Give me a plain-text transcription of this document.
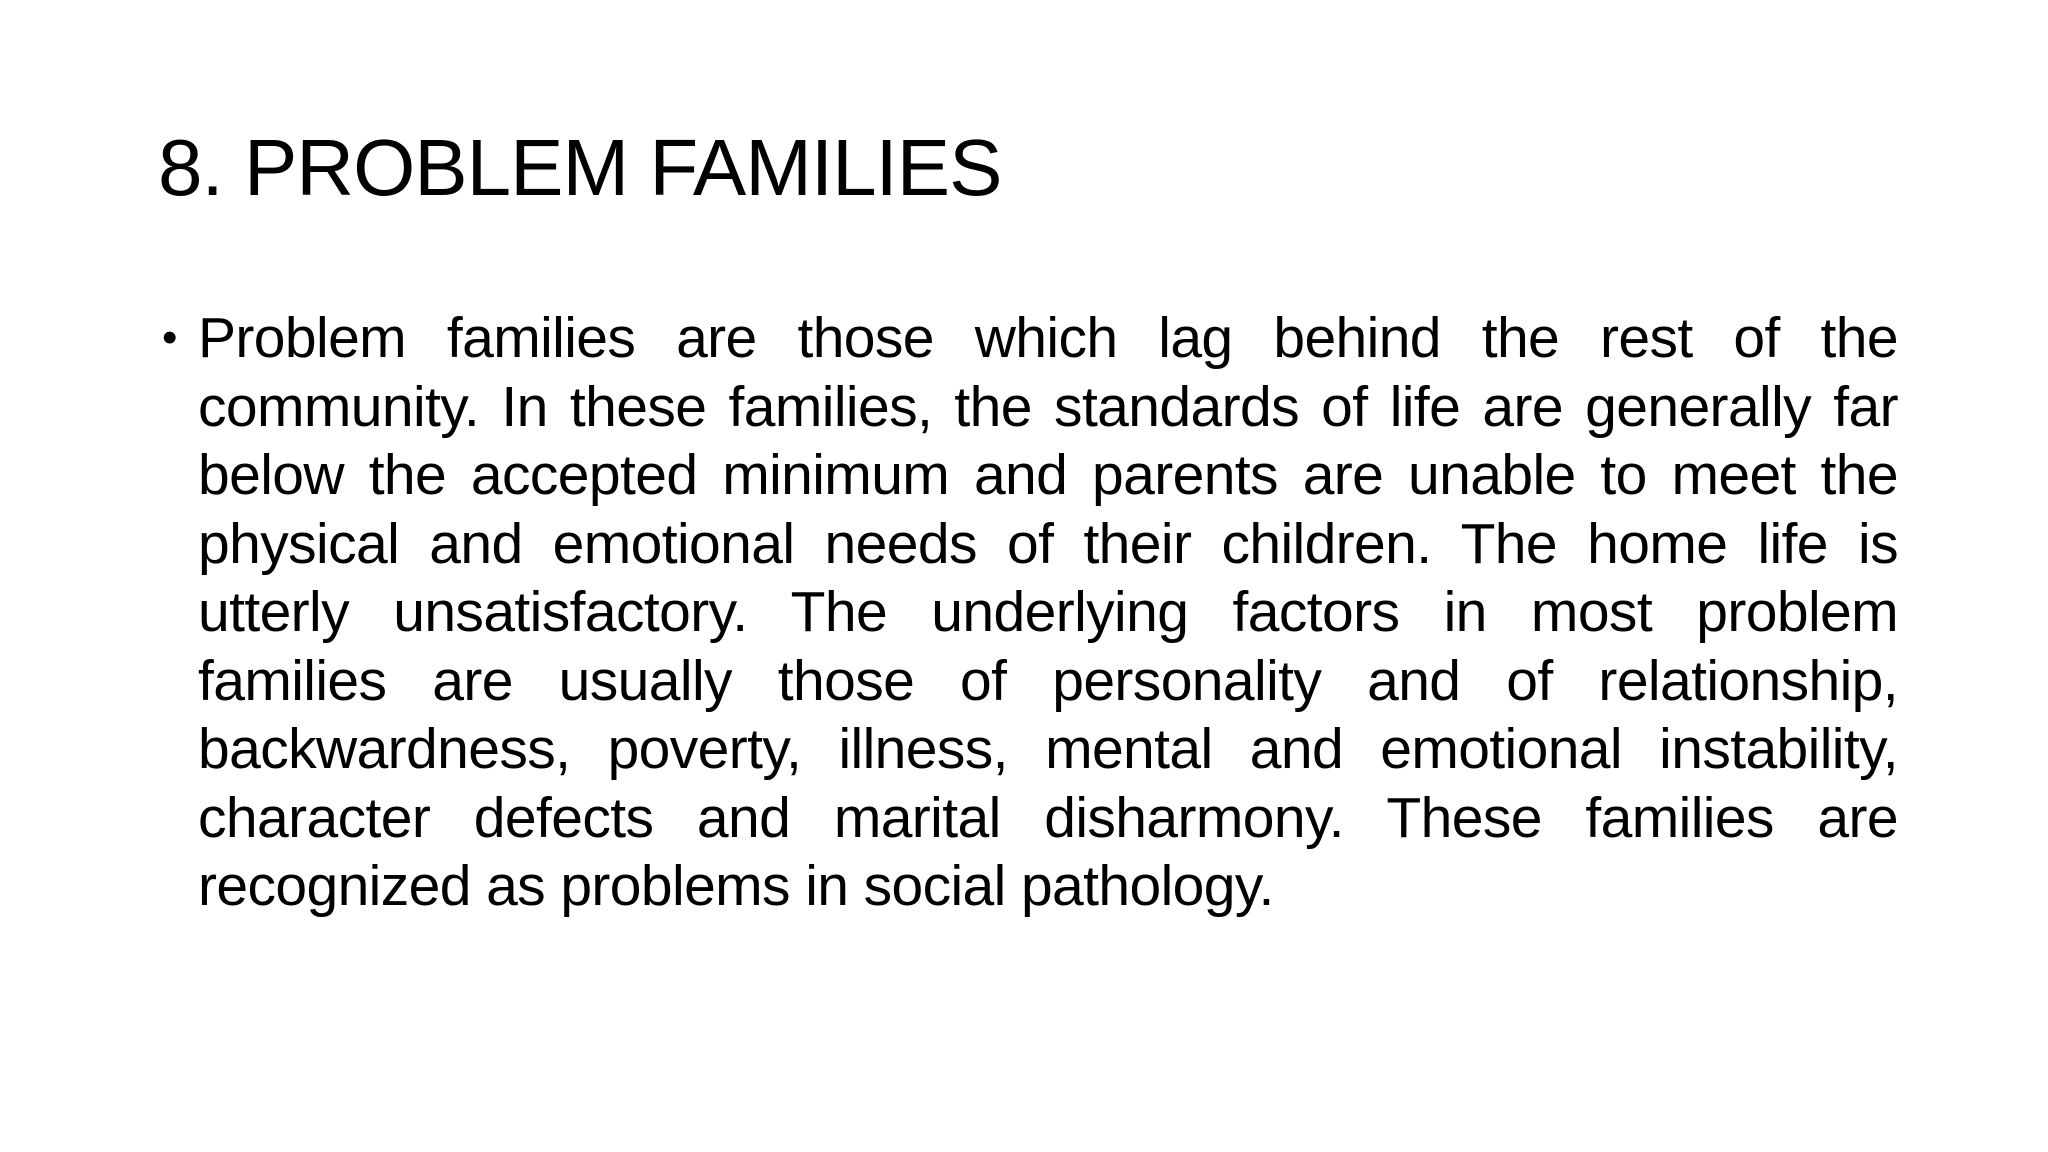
8. PROBLEM FAMILIES
• Problem families are those which lag behind the rest of the community. In these families, the standards of life are generally far below the accepted minimum and parents are unable to meet the physical and emotional needs of their children. The home life is utterly unsatisfactory. The underlying factors in most problem families are usually those of personality and of relationship, backwardness, poverty, illness, mental and emotional instability, character defects and marital disharmony. These families are recognized as problems in social pathology.
